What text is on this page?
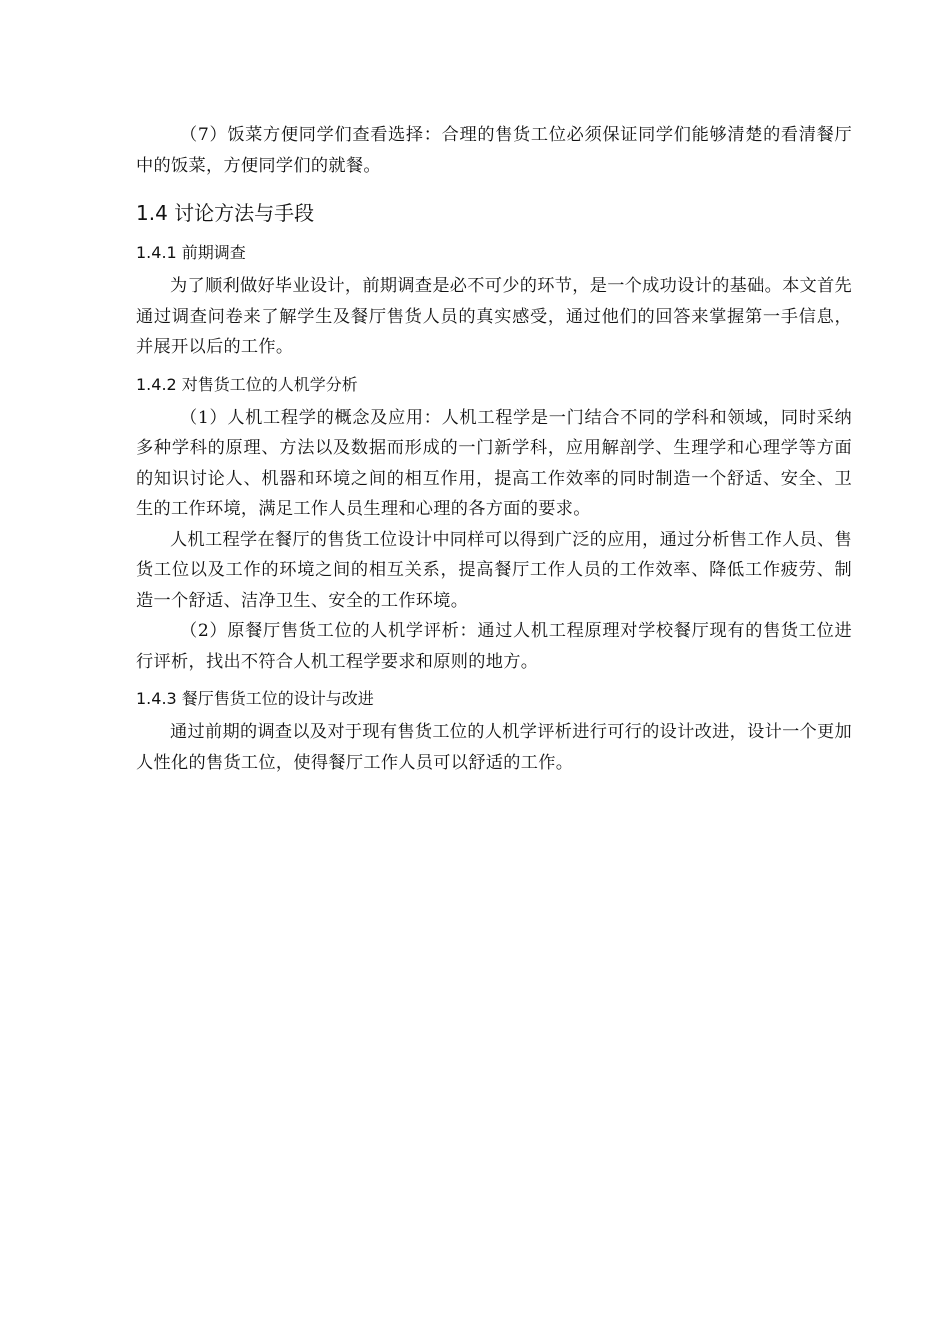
（7）饭菜方便同学们查看选择：合理的售货工位必须保证同学们能够清楚的看清餐厅中的饭菜，方便同学们的就餐。

1.4 讨论方法与手段
1.4.1 前期调查

为了顺利做好毕业设计，前期调查是必不可少的环节，是一个成功设计的基础。本文首先通过调查问卷来了解学生及餐厅售货人员的真实感受，通过他们的回答来掌握第一手信息，并展开以后的工作。

1.4.2 对售货工位的人机学分析

（1）人机工程学的概念及应用：人机工程学是一门结合不同的学科和领域，同时采纳多种学科的原理、方法以及数据而形成的一门新学科，应用解剖学、生理学和心理学等方面的知识讨论人、机器和环境之间的相互作用，提高工作效率的同时制造一个舒适、安全、卫生的工作环境，满足工作人员生理和心理的各方面的要求。

人机工程学在餐厅的售货工位设计中同样可以得到广泛的应用，通过分析售工作人员、售货工位以及工作的环境之间的相互关系，提高餐厅工作人员的工作效率、降低工作疲劳、制造一个舒适、洁净卫生、安全的工作环境。

（2）原餐厅售货工位的人机学评析：通过人机工程原理对学校餐厅现有的售货工位进行评析，找出不符合人机工程学要求和原则的地方。

1.4.3 餐厅售货工位的设计与改进

通过前期的调查以及对于现有售货工位的人机学评析进行可行的设计改进，设计一个更加人性化的售货工位，使得餐厅工作人员可以舒适的工作。
